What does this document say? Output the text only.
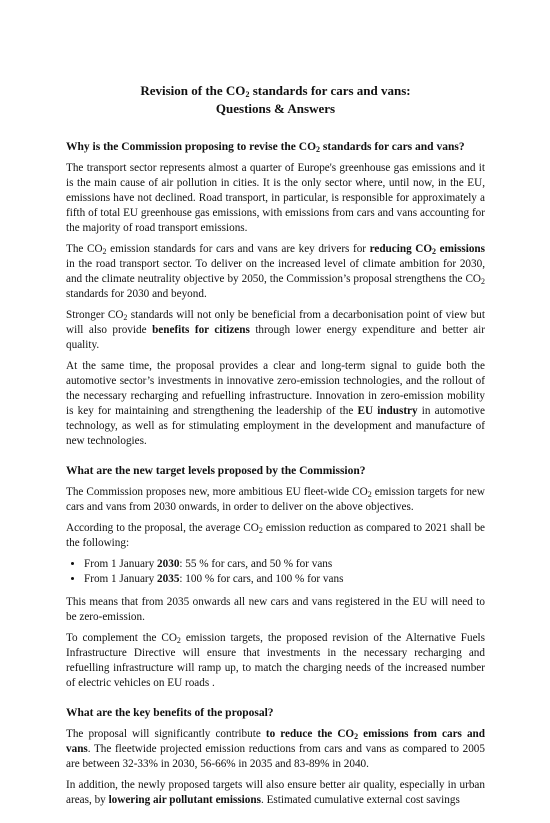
Revision of the $CO_2$ standards for cars and vans:
Questions & Answers
Why is the Commission proposing to revise the $CO_2$ standards for cars and vans?

The transport sector represents almost a quarter of Europe's greenhouse gas emissions and it is the main cause of air pollution in cities. It is the only sector where, until now, in the EU, emissions have not declined. Road transport, in particular, is responsible for approximately a fifth of total EU greenhouse gas emissions, with emissions from cars and vans accounting for the majority of road transport emissions.

The $CO_2$ emission standards for cars and vans are key drivers for reducing $CO_2$ emissions in the road transport sector. To deliver on the increased level of climate ambition for 2030, and the climate neutrality objective by 2050, the Commission’s proposal strengthens the $CO_2$ standards for 2030 and beyond.

Stronger $CO_2$ standards will not only be beneficial from a decarbonisation point of view but will also provide benefits for citizens through lower energy expenditure and better air quality.

At the same time, the proposal provides a clear and long-term signal to guide both the automotive sector’s investments in innovative zero-emission technologies, and the rollout of the necessary recharging and refuelling infrastructure. Innovation in zero-emission mobility is key for maintaining and strengthening the leadership of the EU industry in automotive technology, as well as for stimulating employment in the development and manufacture of new technologies.

What are the new target levels proposed by the Commission?

The Commission proposes new, more ambitious EU fleet-wide $CO_2$ emission targets for new cars and vans from 2030 onwards, in order to deliver on the above objectives.

According to the proposal, the average $CO_2$ emission reduction as compared to 2021 shall be the following:

• From 1 January 2030: 55 % for cars, and 50 % for vans
• From 1 January 2035: 100 % for cars, and 100 % for vans

This means that from 2035 onwards all new cars and vans registered in the EU will need to be zero-emission.

To complement the $CO_2$ emission targets, the proposed revision of the Alternative Fuels Infrastructure Directive will ensure that investments in the necessary recharging and refuelling infrastructure will ramp up, to match the charging needs of the increased number of electric vehicles on EU roads .

What are the key benefits of the proposal?

The proposal will significantly contribute to reduce the $CO_2$ emissions from cars and vans. The fleetwide projected emission reductions from cars and vans as compared to 2005 are between 32-33% in 2030, 56-66% in 2035 and 83-89% in 2040.

In addition, the newly proposed targets will also ensure better air quality, especially in urban areas, by lowering air pollutant emissions. Estimated cumulative external cost savings
